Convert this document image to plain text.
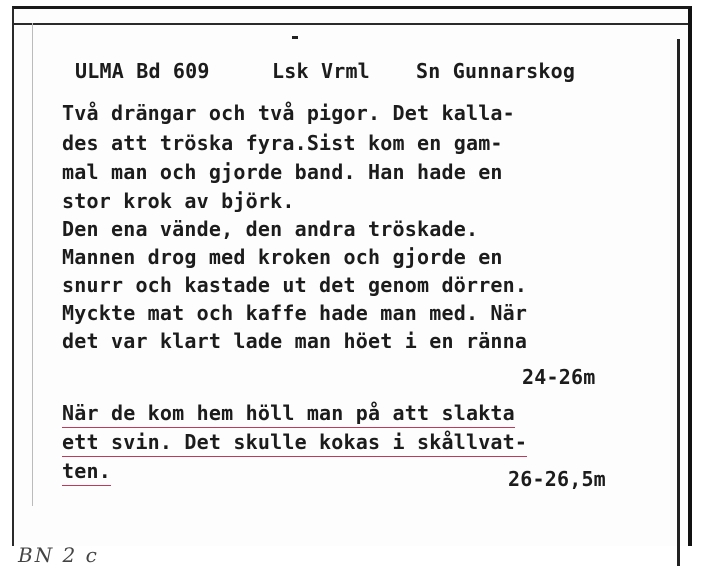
ULMA Bd 609	Lsk Vrml Sn Gunnarskog
Två drängar och två pigor. Det kalla-
des att tröska fyra.Sist kom en gam-
mal man och gjorde band. Han hade en
stor krok av björk.
Den ena vände, den andra tröskade.
Mannen drog med kroken och gjorde en
snurr och kastade ut det genom dörren.
Myckte mat och kaffe hade man med. När
det var klart lade man höet i en ränna
24-26m
När de kom hem höll man på att slakta
ett svin. Det skulle kokas i skållvat-
ten.	26-26,5m
BN 2 c
